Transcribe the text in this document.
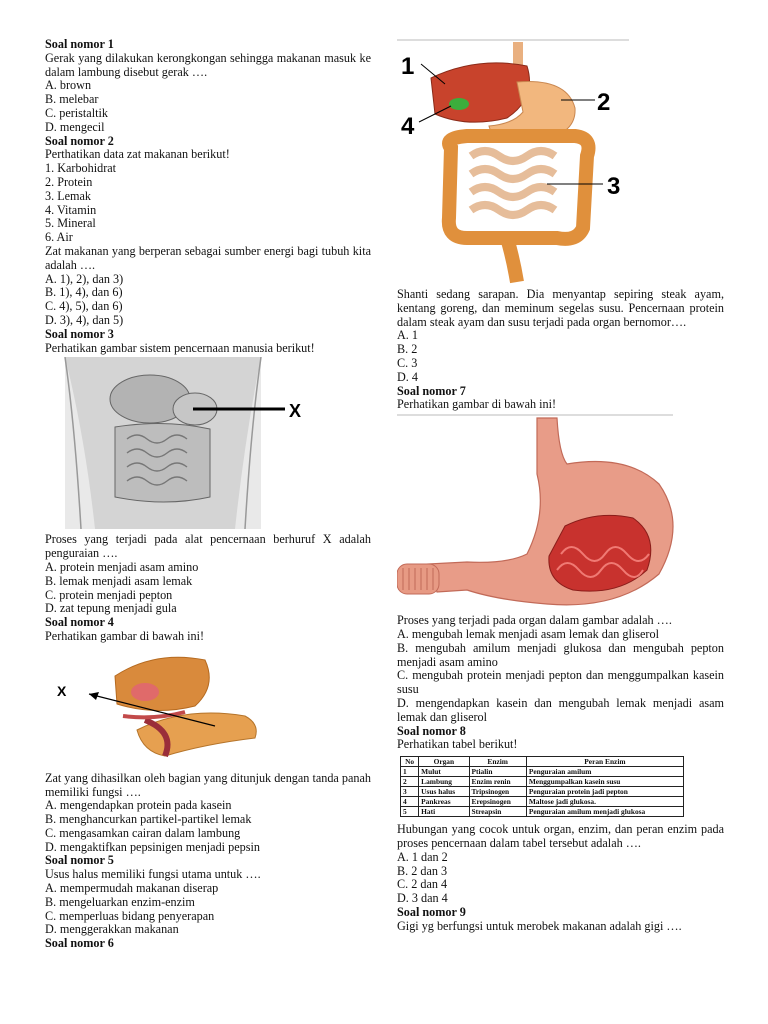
Soal nomor 1

Gerak yang dilakukan kerongkongan sehingga makanan masuk ke dalam lambung disebut gerak ….

A. brown

B. melebar

C. peristaltik

D. mengecil

Soal nomor 2

Perthatikan data zat makanan berikut!

1. Karbohidrat

2. Protein

3. Lemak

4. Vitamin

5. Mineral

6. Air

Zat makanan yang berperan sebagai sumber energi bagi tubuh kita adalah ….

A. 1), 2), dan 3)

B. 1), 4), dan 6)

C. 4), 5), dan 6)

D. 3), 4), dan 5)

Soal nomor 3

Perhatikan gambar sistem pencernaan manusia berikut!

X

Proses yang terjadi pada alat pencernaan berhuruf X adalah penguraian ….

A. protein menjadi asam amino

B. lemak menjadi asam lemak

C. protein menjadi pepton

D. zat tepung menjadi gula

Soal nomor 4

Perhatikan gambar di bawah ini!

X

Zat yang dihasilkan oleh bagian yang ditunjuk dengan tanda panah memiliki fungsi ….

A. mengendapkan protein pada kasein

B. menghancurkan partikel-partikel lemak

C. mengasamkan cairan dalam lambung

D. mengaktifkan pepsinigen menjadi pepsin

Soal nomor 5

Usus halus memiliki fungsi utama untuk ….

A. mempermudah makanan diserap

B. mengeluarkan enzim-enzim

C. memperluas bidang penyerapan

D. menggerakkan makanan

Soal nomor 6

1
2
3
4

Shanti sedang sarapan. Dia menyantap sepiring steak ayam, kentang goreng, dan meminum segelas susu. Pencernaan protein dalam steak ayam dan susu terjadi pada organ bernomor….

A. 1

B. 2

C. 3

D. 4

Soal nomor 7

Perhatikan gambar di bawah ini!

Proses yang terjadi pada organ dalam gambar adalah ….

A. mengubah lemak menjadi asam lemak dan gliserol

B. mengubah amilum menjadi glukosa dan mengubah pepton menjadi asam amino

C. mengubah protein menjadi pepton dan menggumpalkan kasein susu

D. mengendapkan kasein dan mengubah lemak menjadi asam lemak dan gliserol

Soal nomor 8

Perhatikan tabel berikut!

No	Organ	Enzim	Peran Enzim
1	Mulut	Ptialin	Penguraian amilum
2	Lambung	Enzim renin	Menggumpalkan kasein susu
3	Usus halus	Tripsinogen	Penguraian protein jadi pepton
4	Pankreas	Erepsinogen	Maltose jadi glukosa.
5	Hati	Streapsin	Penguraian amilum menjadi glukosa

Hubungan yang cocok untuk organ, enzim, dan peran enzim pada proses pencernaan dalam tabel tersebut adalah ….

A. 1 dan 2

B. 2 dan 3

C. 2 dan 4

D. 3 dan 4

Soal nomor 9

Gigi yg berfungsi untuk merobek makanan adalah gigi ….
